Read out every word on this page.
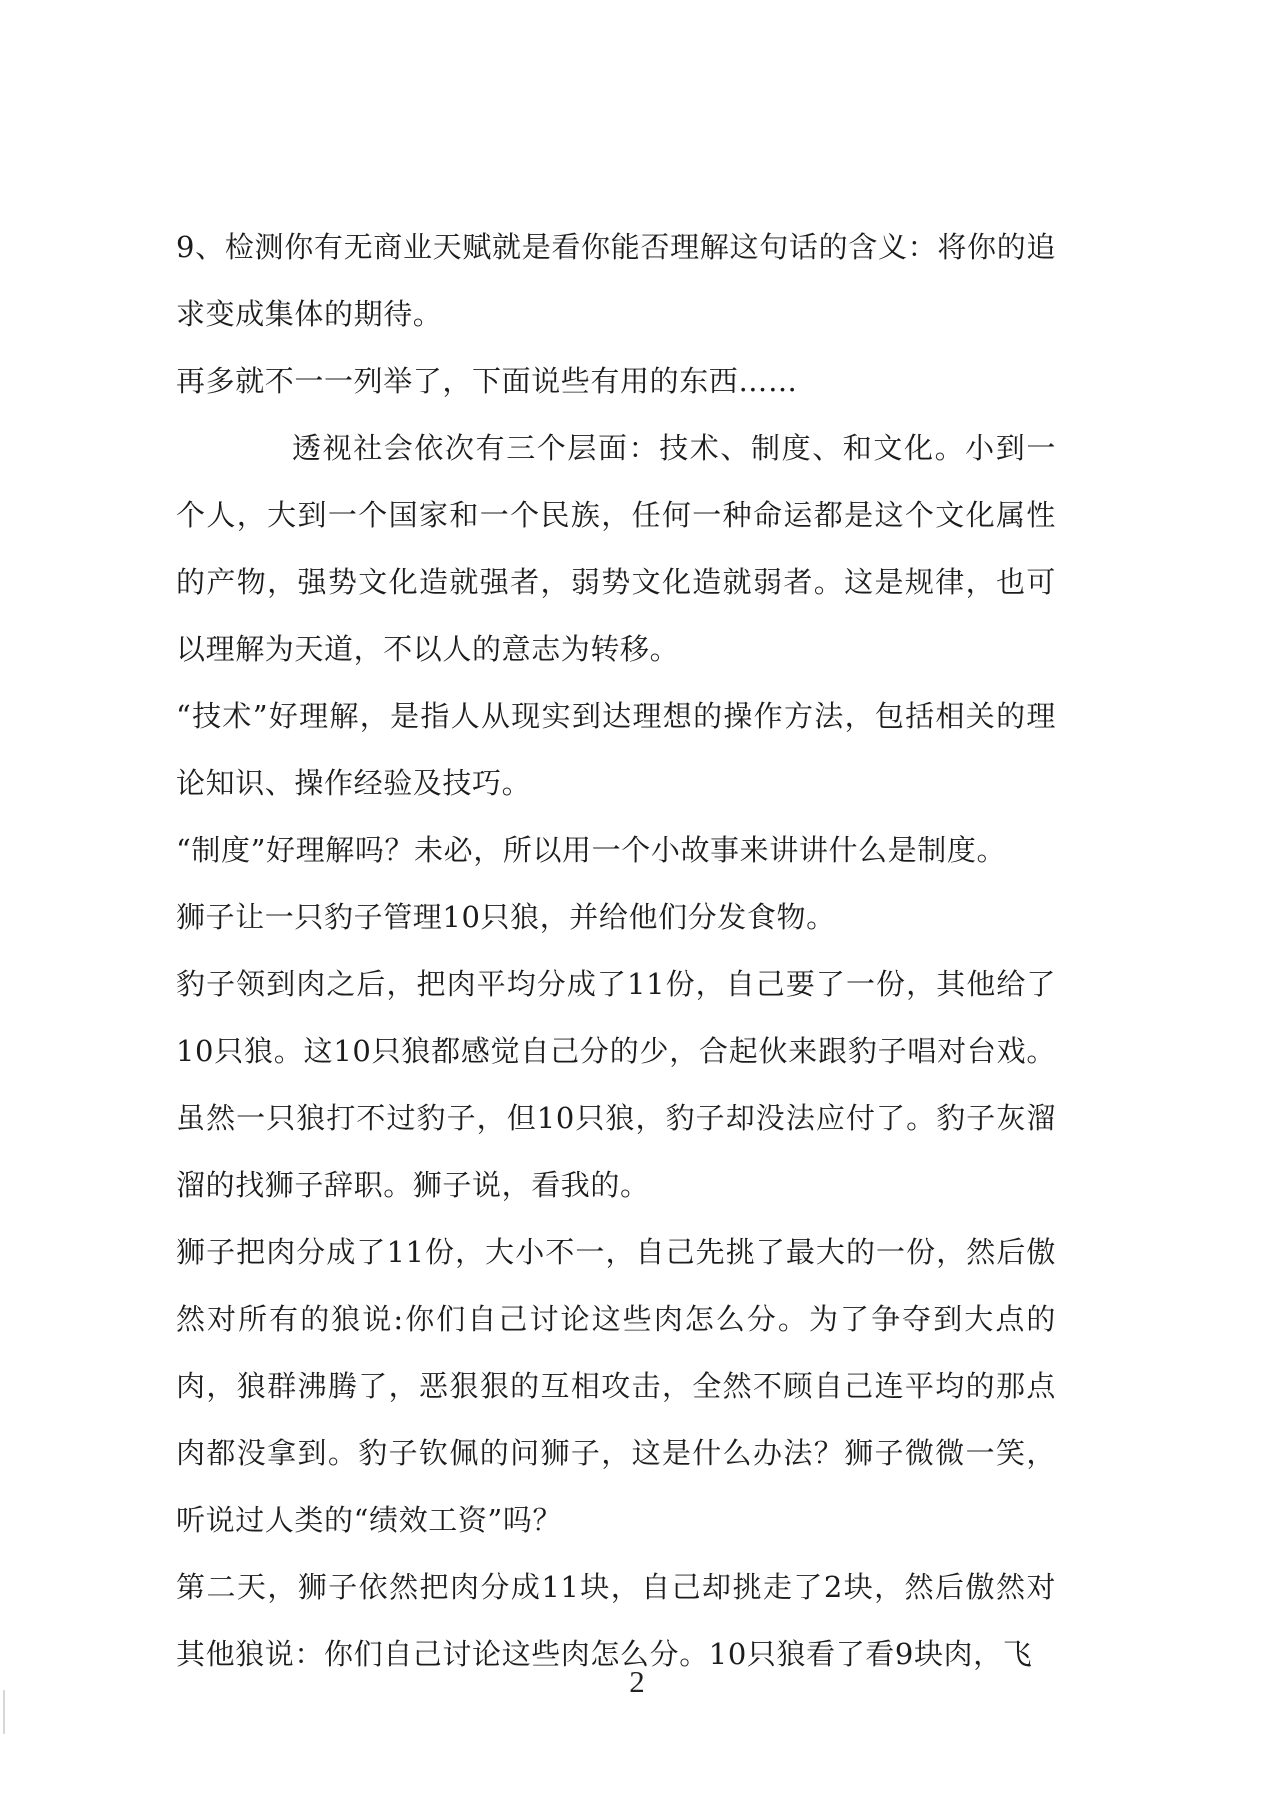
9、检测你有无商业天赋就是看你能否理解这句话的含义：将你的追求变成集体的期待。

再多就不一一列举了，下面说些有用的东西……

透视社会依次有三个层面：技术、制度、和文化。小到一个人，大到一个国家和一个民族，任何一种命运都是这个文化属性的产物，强势文化造就强者，弱势文化造就弱者。这是规律，也可以理解为天道，不以人的意志为转移。

“技术”好理解，是指人从现实到达理想的操作方法，包括相关的理论知识、操作经验及技巧。

“制度”好理解吗？未必，所以用一个小故事来讲讲什么是制度。

狮子让一只豹子管理10只狼，并给他们分发食物。

豹子领到肉之后，把肉平均分成了11份，自己要了一份，其他给了10只狼。这10只狼都感觉自己分的少，合起伙来跟豹子唱对台戏。虽然一只狼打不过豹子，但10只狼，豹子却没法应付了。豹子灰溜溜的找狮子辞职。狮子说，看我的。

狮子把肉分成了11份，大小不一，自己先挑了最大的一份，然后傲然对所有的狼说:你们自己讨论这些肉怎么分。为了争夺到大点的肉，狼群沸腾了，恶狠狠的互相攻击，全然不顾自己连平均的那点肉都没拿到。豹子钦佩的问狮子，这是什么办法？狮子微微一笑，听说过人类的“绩效工资”吗？

第二天，狮子依然把肉分成11块，自己却挑走了2块，然后傲然对其他狼说：你们自己讨论这些肉怎么分。10只狼看了看9块肉，飞

2
